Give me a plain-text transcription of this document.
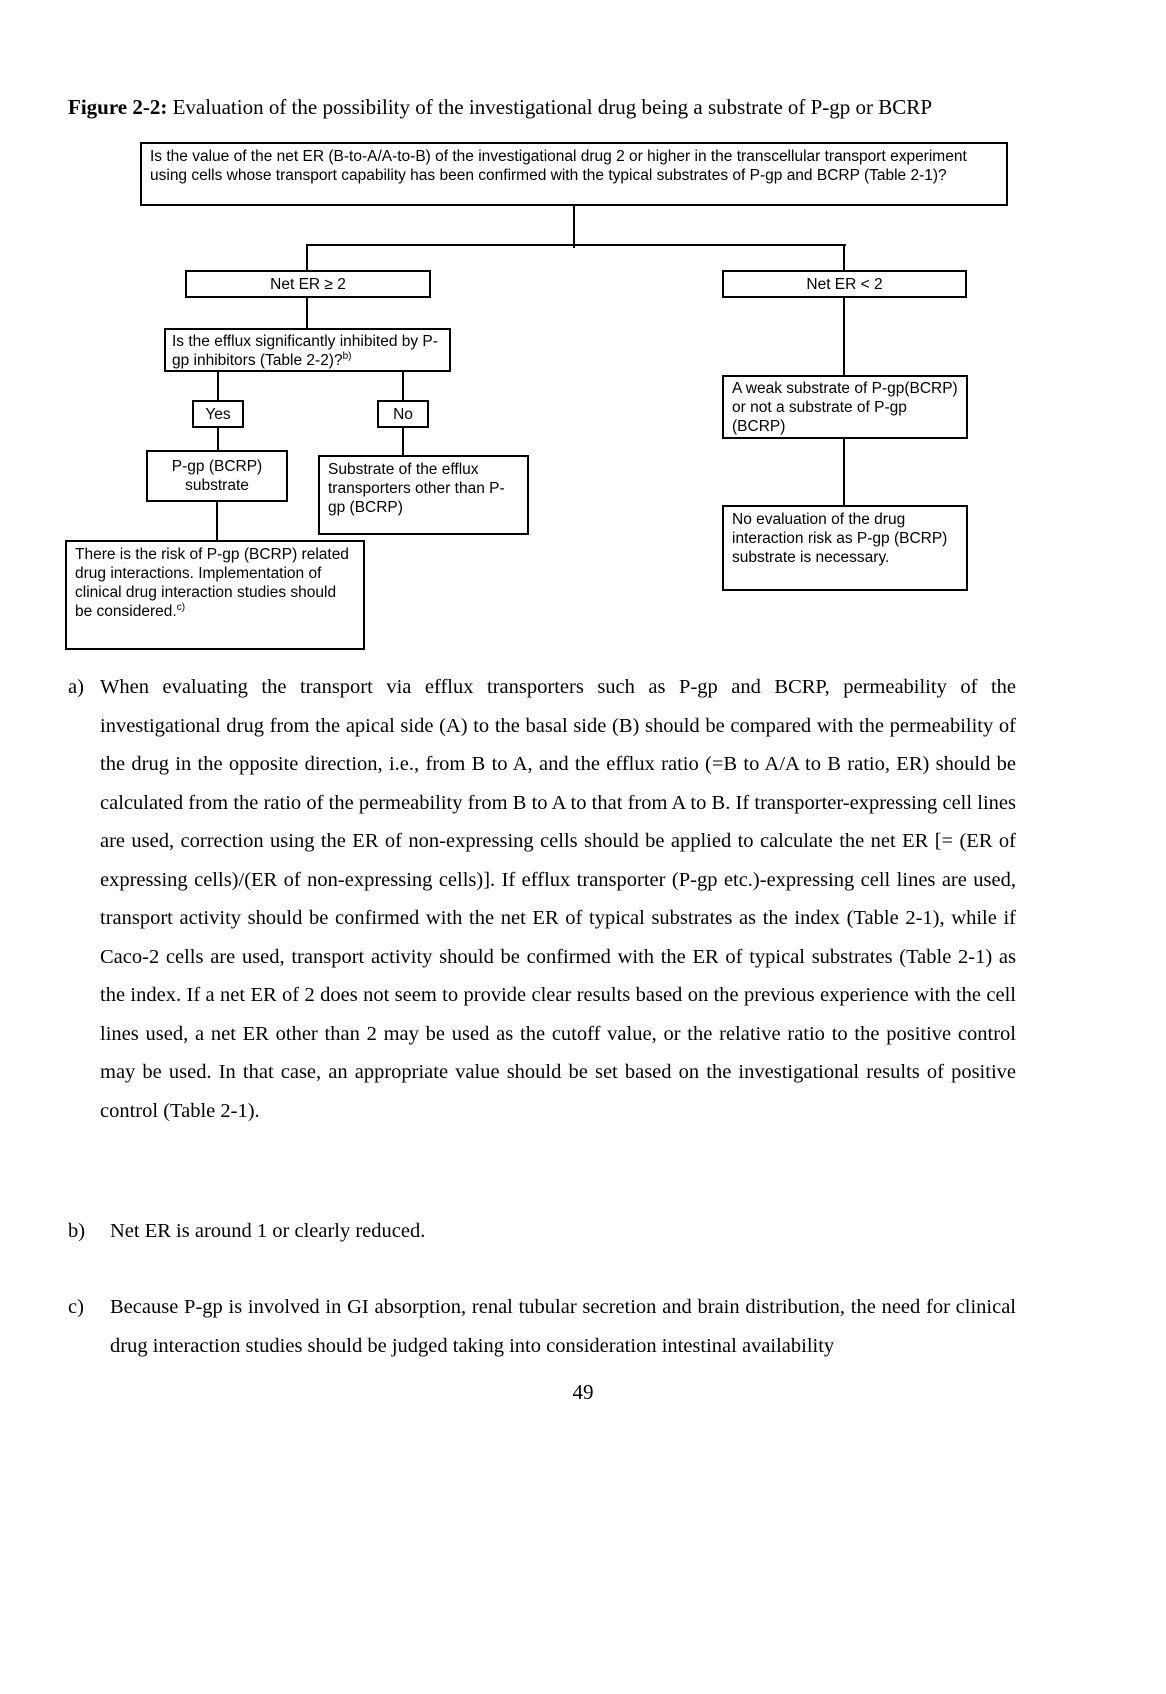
Figure 2-2: Evaluation of the possibility of the investigational drug being a substrate of P-gp or BCRP
Is the value of the net ER (B-to-A/A-to-B) of the investigational drug 2 or higher in the transcellular transport experiment using cells whose transport capability has been confirmed with the typical substrates of P-gp and BCRP (Table 2-1)?
Net ER ≥ 2	Net ER < 2
Is the efflux significantly inhibited by P-gp inhibitors (Table 2-2)?$^{b)}$
Yes	No
P-gp (BCRP) substrate
Substrate of the efflux transporters other than P-gp (BCRP)
There is the risk of P-gp (BCRP) related drug interactions. Implementation of clinical drug interaction studies should be considered.$^{c)}$
A weak substrate of P-gp(BCRP) or not a substrate of P-gp (BCRP)
No evaluation of the drug interaction risk as P-gp (BCRP) substrate is necessary.
a) When evaluating the transport via efflux transporters such as P-gp and BCRP, permeability of the investigational drug from the apical side (A) to the basal side (B) should be compared with the permeability of the drug in the opposite direction, i.e., from B to A, and the efflux ratio (=B to A/A to B ratio, ER) should be calculated from the ratio of the permeability from B to A to that from A to B. If transporter-expressing cell lines are used, correction using the ER of non-expressing cells should be applied to calculate the net ER [= (ER of expressing cells)/(ER of non-expressing cells)]. If efflux transporter (P-gp etc.)-expressing cell lines are used, transport activity should be confirmed with the net ER of typical substrates as the index (Table 2-1), while if Caco-2 cells are used, transport activity should be confirmed with the ER of typical substrates (Table 2-1) as the index. If a net ER of 2 does not seem to provide clear results based on the previous experience with the cell lines used, a net ER other than 2 may be used as the cutoff value, or the relative ratio to the positive control may be used. In that case, an appropriate value should be set based on the investigational results of positive control (Table 2-1).
b) Net ER is around 1 or clearly reduced.
c) Because P-gp is involved in GI absorption, renal tubular secretion and brain distribution, the need for clinical drug interaction studies should be judged taking into consideration intestinal availability
49
